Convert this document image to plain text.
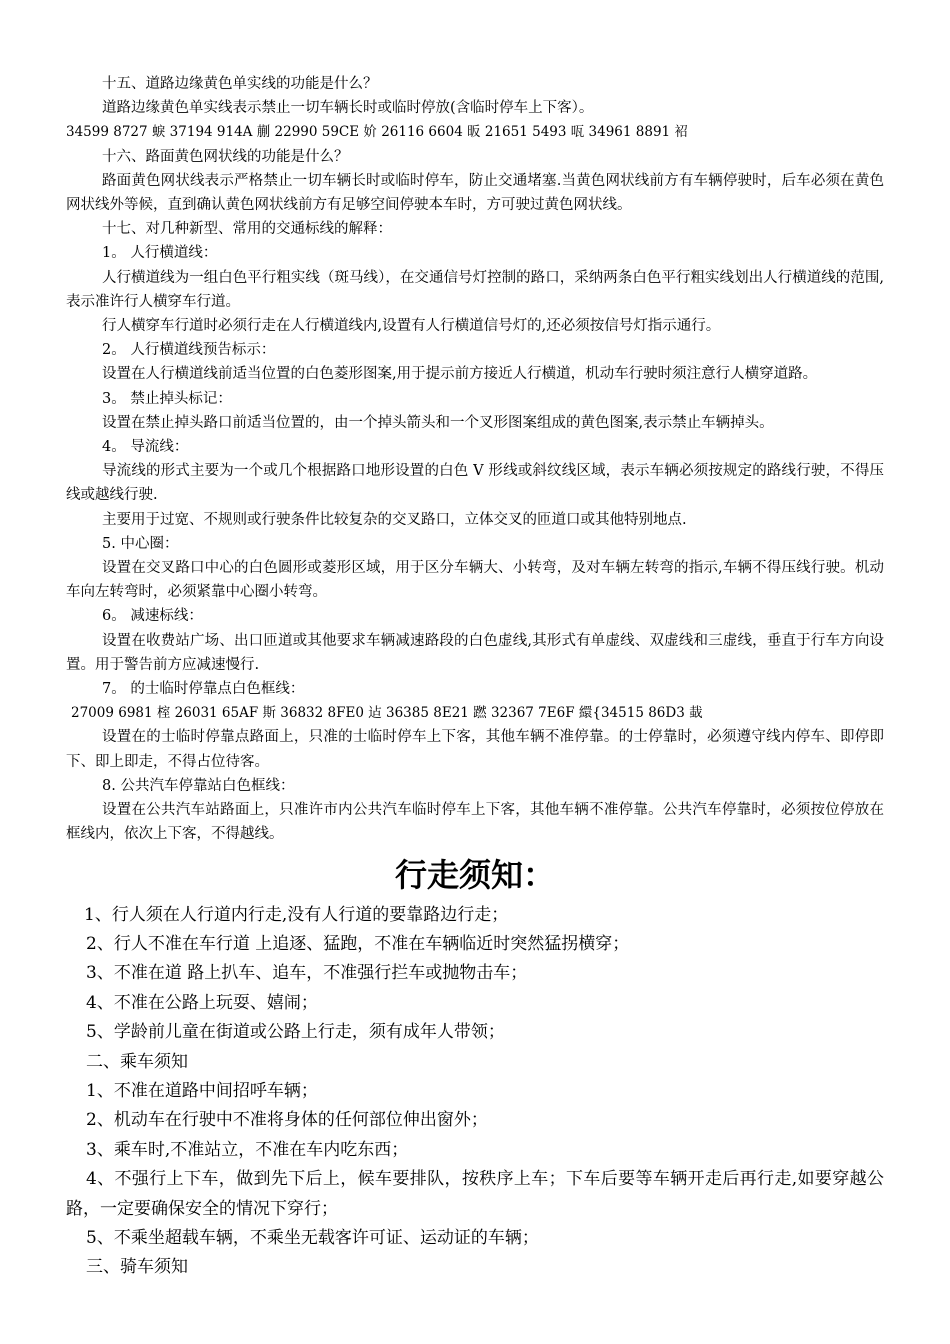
十五、道路边缘黄色单实线的功能是什么？

道路边缘黄色单实线表示禁止一切车辆长时或临时停放(含临时停车上下客）。

34599 8727 蜧 37194 914A 蒯 22990 59CE 妎 26116 6604 昄 21651 5493 咓 34961 8891 袑

十六、路面黄色网状线的功能是什么？

路面黄色网状线表示严格禁止一切车辆长时或临时停车，防止交通堵塞.当黄色网状线前方有车辆停驶时，后车必须在黄色网状线外等候，直到确认黄色网状线前方有足够空间停驶本车时，方可驶过黄色网状线。

十七、对几种新型、常用的交通标线的解释：

1。 人行横道线：

人行横道线为一组白色平行粗实线（斑马线），在交通信号灯控制的路口，采纳两条白色平行粗实线划出人行横道线的范围,表示准许行人横穿车行道。

行人横穿车行道时必须行走在人行横道线内,设置有人行横道信号灯的,还必须按信号灯指示通行。

2。 人行横道线预告标示：

设置在人行横道线前适当位置的白色菱形图案,用于提示前方接近人行横道，机动车行驶时须注意行人横穿道路。

3。 禁止掉头标记：

设置在禁止掉头路口前适当位置的，由一个掉头箭头和一个叉形图案组成的黄色图案,表示禁止车辆掉头。

4。 导流线：

导流线的形式主要为一个或几个根据路口地形设置的白色 V 形线或斜纹线区域，表示车辆必须按规定的路线行驶，不得压线或越线行驶.

主要用于过宽、不规则或行驶条件比较复杂的交叉路口，立体交叉的匝道口或其他特别地点.

5. 中心圈：

设置在交叉路口中心的白色圆形或菱形区域，用于区分车辆大、小转弯，及对车辆左转弯的指示,车辆不得压线行驶。机动车向左转弯时，必须紧靠中心圈小转弯。

6。 减速标线：

设置在收费站广场、出口匝道或其他要求车辆减速路段的白色虚线,其形式有单虚线、双虚线和三虚线，垂直于行车方向设置。用于警告前方应减速慢行.

7。 的士临时停靠点白色框线：

27009 6981 榁 26031 65AF 斯 36832 8FE0 迠 36385 8E21 蹨 32367 7E6F 繯{34515 86D3 蛓

设置在的士临时停靠点路面上，只准的士临时停车上下客，其他车辆不准停靠。的士停靠时，必须遵守线内停车、即停即下、即上即走，不得占位待客。

8. 公共汽车停靠站白色框线：

设置在公共汽车站路面上，只准许市内公共汽车临时停车上下客，其他车辆不准停靠。公共汽车停靠时，必须按位停放在框线内，依次上下客，不得越线。

行走须知：

1、行人须在人行道内行走,没有人行道的要靠路边行走；

2、行人不准在车行道 上追逐、猛跑，不准在车辆临近时突然猛拐横穿；

3、不准在道 路上扒车、追车，不准强行拦车或抛物击车；

4、不准在公路上玩耍、嬉闹；

5、学龄前儿童在街道或公路上行走，须有成年人带领；

二、乘车须知

1、不准在道路中间招呼车辆；

2、机动车在行驶中不准将身体的任何部位伸出窗外；

3、乘车时,不准站立，不准在车内吃东西；

4、不强行上下车，做到先下后上，候车要排队，按秩序上车；下车后要等车辆开走后再行走,如要穿越公路，一定要确保安全的情况下穿行；

5、不乘坐超载车辆，不乘坐无载客许可证、运动证的车辆；

三、骑车须知
